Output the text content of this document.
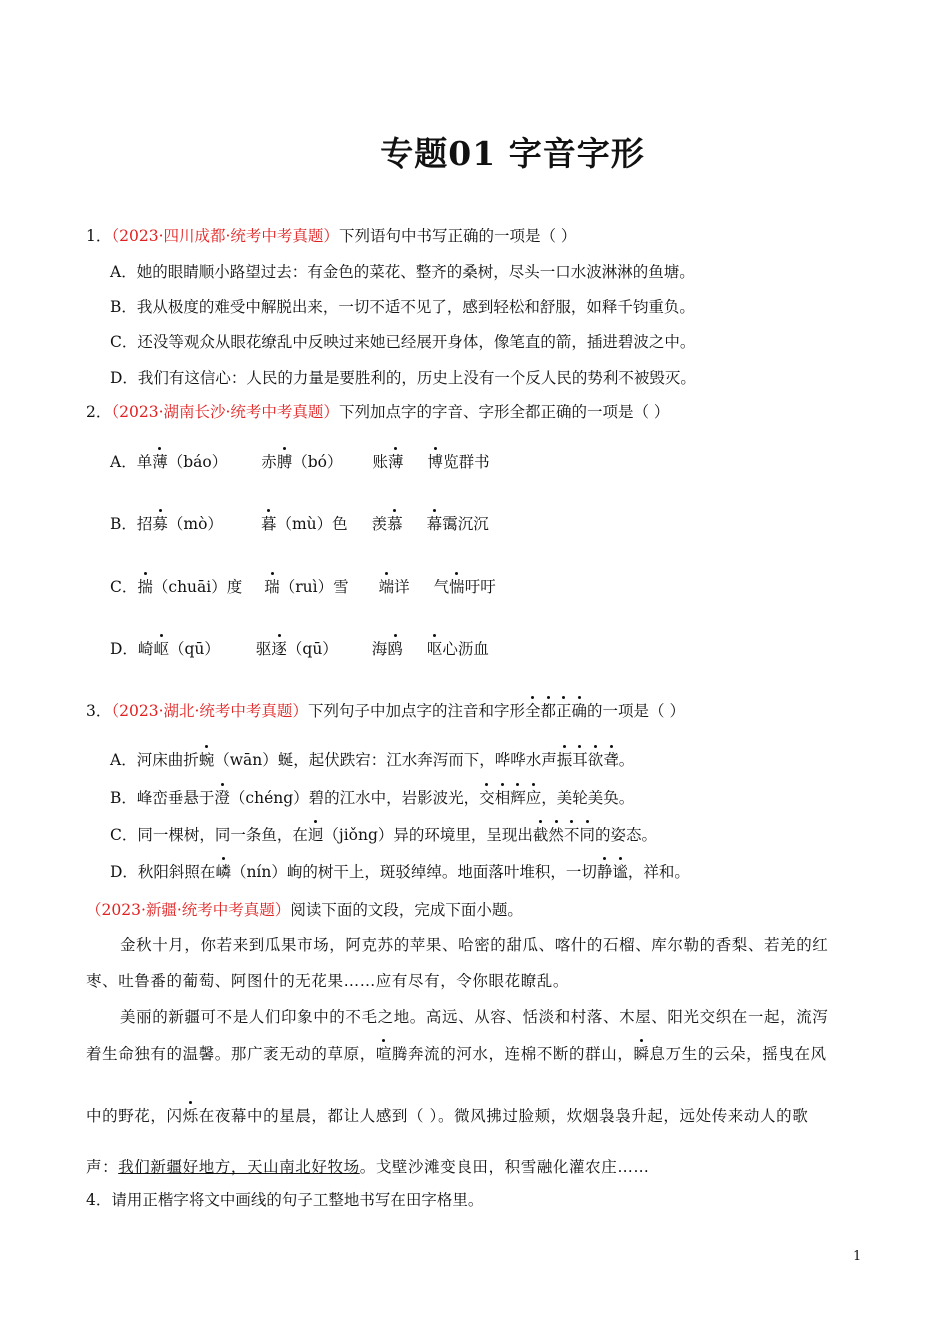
专题01 字音字形
1．（2023·四川成都·统考中考真题）下列语句中书写正确的一项是（ ）
A．她的眼睛顺小路望过去：有金色的菜花、整齐的桑树，尽头一口水波淋淋的鱼塘。
B．我从极度的难受中解脱出来，一切不适不见了，感到轻松和舒服，如释千钧重负。
C．还没等观众从眼花缭乱中反映过来她已经展开身体，像笔直的箭，插进碧波之中。
D．我们有这信心：人民的力量是要胜利的，历史上没有一个反人民的势利不被毁灭。
2．（2023·湖南长沙·统考中考真题）下列加点字的字音、字形全都正确的一项是（ ）
A．单薄（báo） 赤膊（bó） 账薄 博览群书
B．招募（mò） 暮（mù）色 羡慕 幕霭沉沉
C．揣（chuāi）度 瑞（ruì）雪 端详 气惴吁吁
D．崎岖（qū） 驱逐（qū） 海鸥 呕心沥血
3．（2023·湖北·统考中考真题）下列句子中加点字的注音和字形全都正确的一项是（ ）
A．河床曲折蜿（wān）蜒，起伏跌宕：江水奔泻而下，哗哗水声振耳欲聋。
B．峰峦垂悬于澄（chéng）碧的江水中，岩影波光，交相辉应，美轮美奂。
C．同一棵树，同一条鱼，在迥（jiǒng）异的环境里，呈现出截然不同的姿态。
D．秋阳斜照在嶙（nín）峋的树干上，斑驳绰绰。地面落叶堆积，一切静谧，祥和。
（2023·新疆·统考中考真题）阅读下面的文段，完成下面小题。
金秋十月，你若来到瓜果市场，阿克苏的苹果、哈密的甜瓜、喀什的石榴、库尔勒的香梨、若羌的红
枣、吐鲁番的葡萄、阿图什的无花果……应有尽有，令你眼花瞭乱。
美丽的新疆可不是人们印象中的不毛之地。高远、从容、恬淡和村落、木屋、阳光交织在一起，流泻
着生命独有的温馨。那广袤无动的草原，喧腾奔流的河水，连棉不断的群山，瞬息万生的云朵，摇曳在风
中的野花，闪烁在夜幕中的星晨，都让人感到（ ）。微风拂过脸颊，炊烟袅袅升起，远处传来动人的歌
声：我们新疆好地方，天山南北好牧场。戈壁沙滩变良田，积雪融化灌农庄……
4．请用正楷字将文中画线的句子工整地书写在田字格里。
1
